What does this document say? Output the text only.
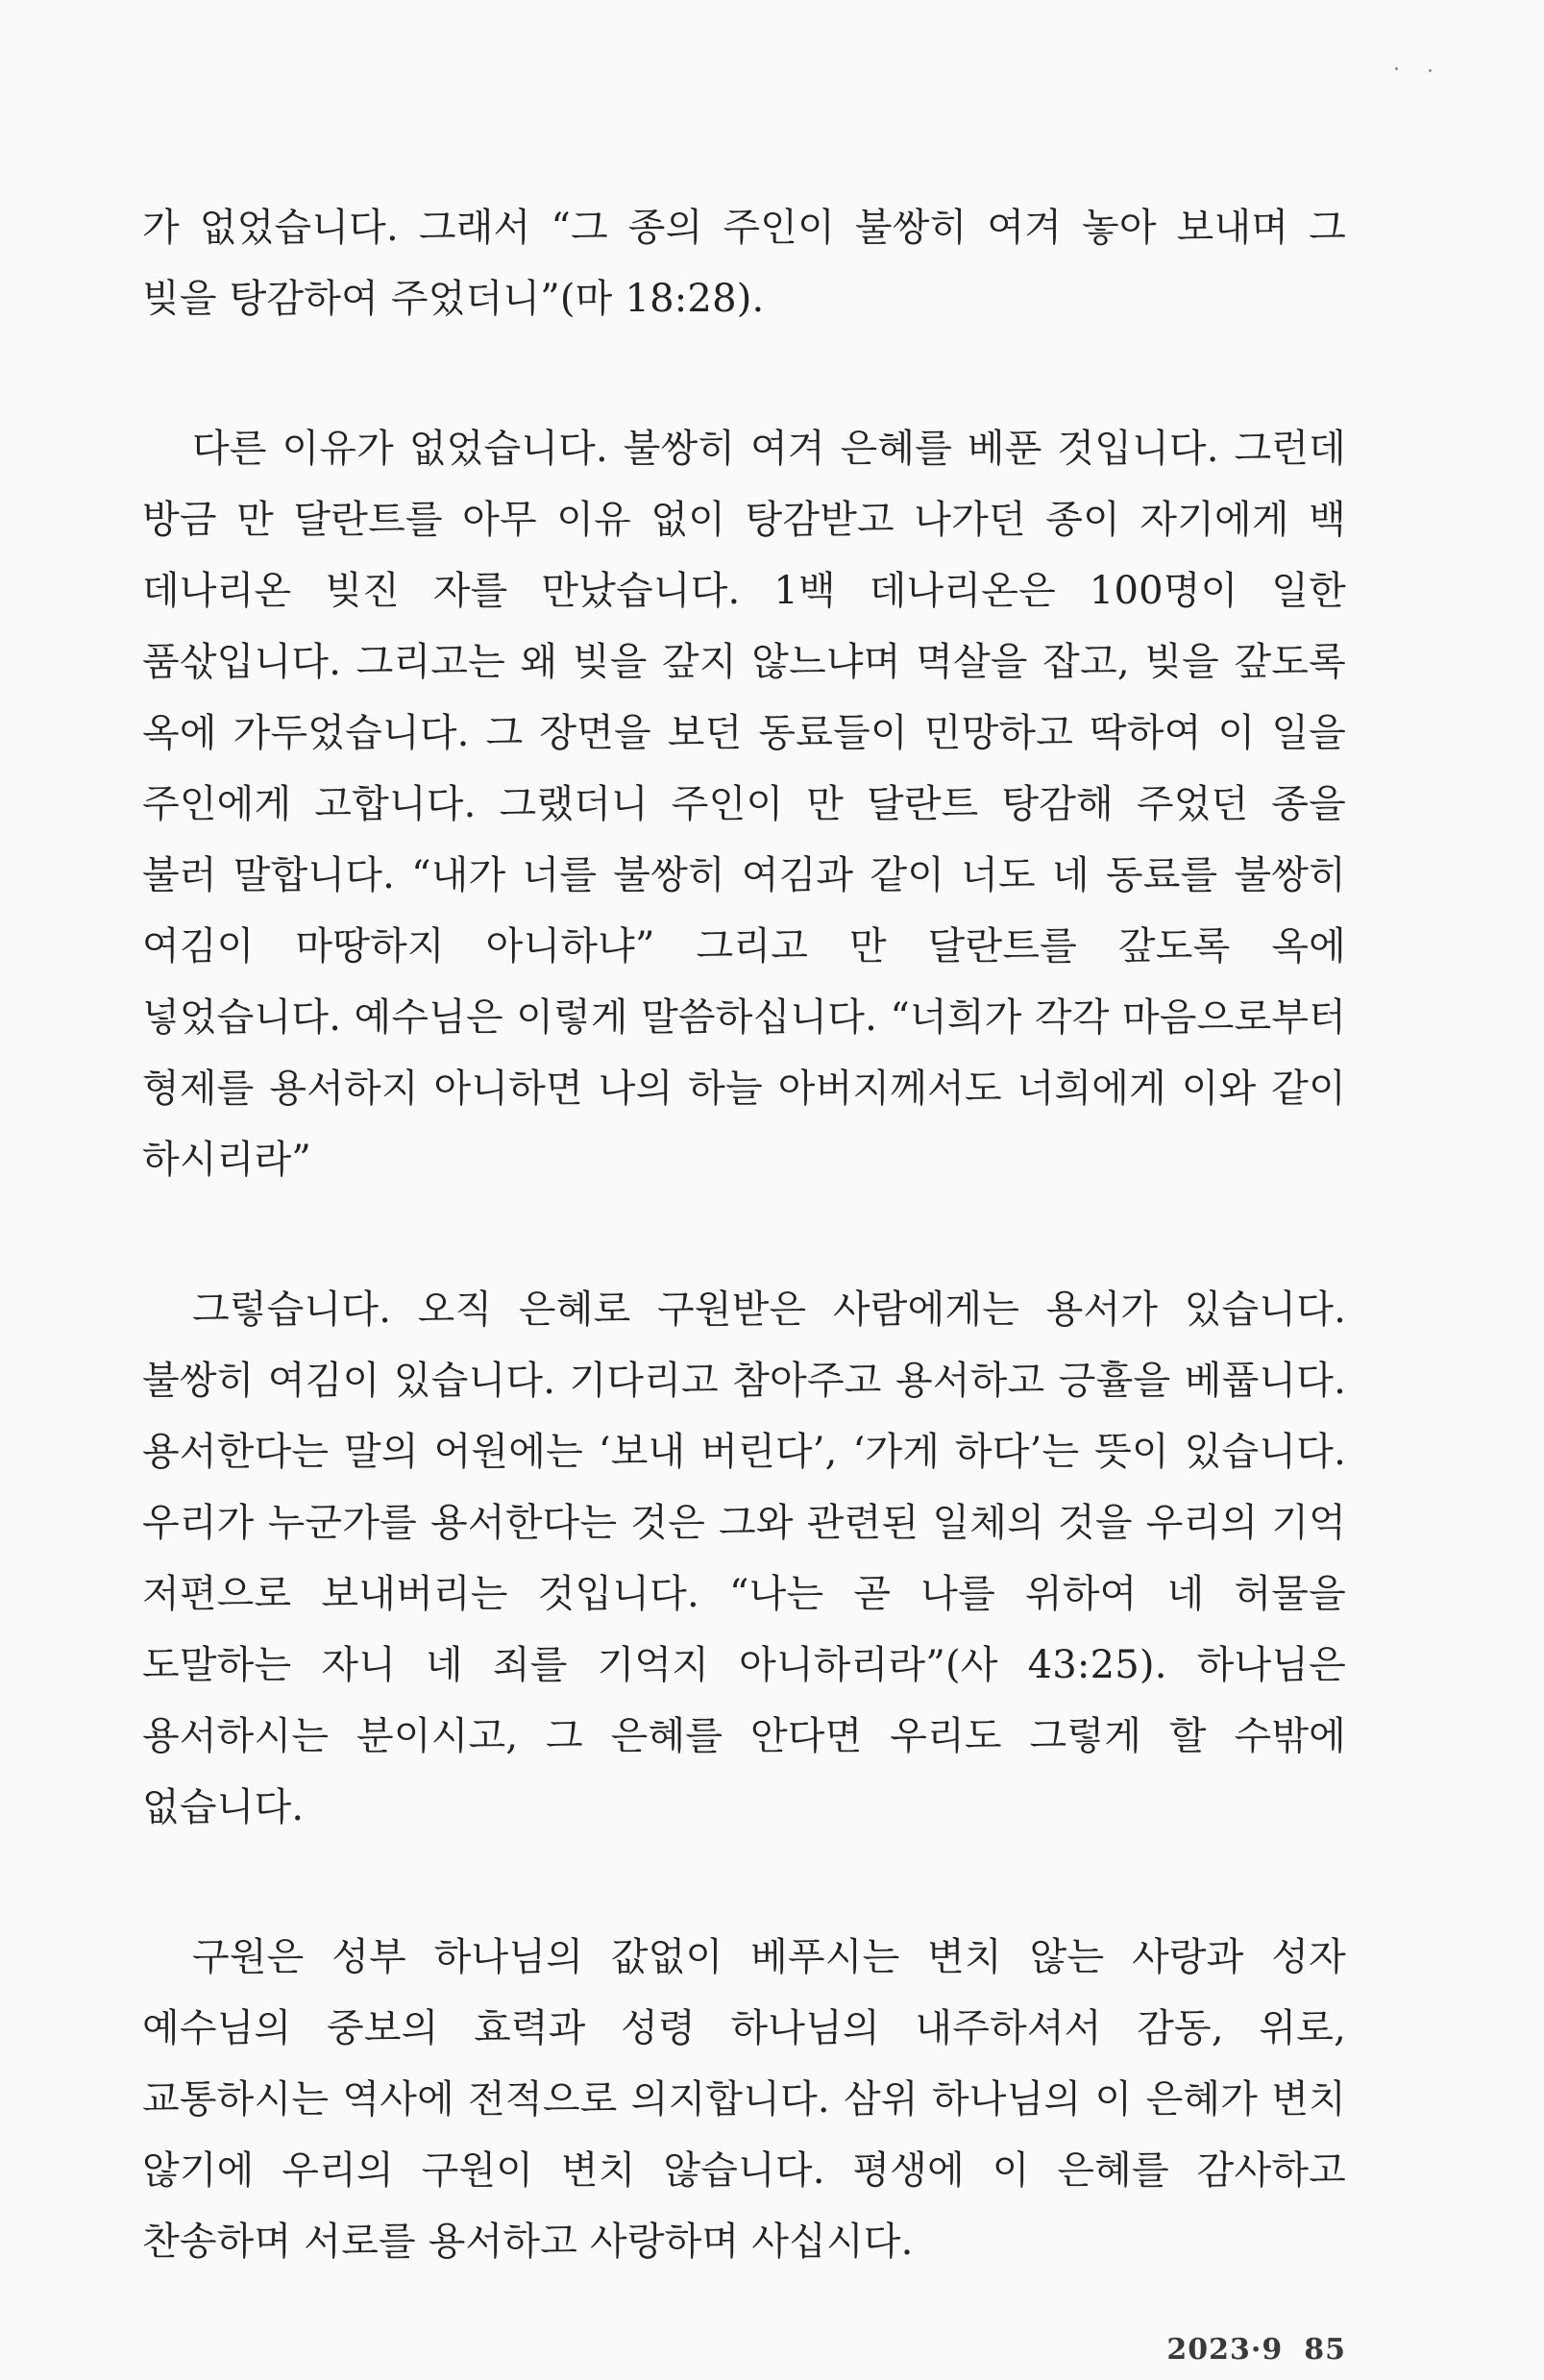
가 없었습니다. 그래서 “그 종의 주인이 불쌍히 여겨 놓아 보내며 그 빚을 탕감하여 주었더니”(마 18:28).

다른 이유가 없었습니다. 불쌍히 여겨 은혜를 베푼 것입니다. 그런데 방금 만 달란트를 아무 이유 없이 탕감받고 나가던 종이 자기에게 백 데나리온 빚진 자를 만났습니다. 1백 데나리온은 100명이 일한 품삯입니다. 그리고는 왜 빚을 갚지 않느냐며 멱살을 잡고, 빚을 갚도록 옥에 가두었습니다. 그 장면을 보던 동료들이 민망하고 딱하여 이 일을 주인에게 고합니다. 그랬더니 주인이 만 달란트 탕감해 주었던 종을 불러 말합니다. “내가 너를 불쌍히 여김과 같이 너도 네 동료를 불쌍히 여김이 마땅하지 아니하냐” 그리고 만 달란트를 갚도록 옥에 넣었습니다. 예수님은 이렇게 말씀하십니다. “너희가 각각 마음으로부터 형제를 용서하지 아니하면 나의 하늘 아버지께서도 너희에게 이와 같이 하시리라”

그렇습니다. 오직 은혜로 구원받은 사람에게는 용서가 있습니다. 불쌍히 여김이 있습니다. 기다리고 참아주고 용서하고 긍휼을 베풉니다. 용서한다는 말의 어원에는 ‘보내 버린다’, ‘가게 하다’는 뜻이 있습니다. 우리가 누군가를 용서한다는 것은 그와 관련된 일체의 것을 우리의 기억 저편으로 보내버리는 것입니다. “나는 곧 나를 위하여 네 허물을 도말하는 자니 네 죄를 기억지 아니하리라”(사 43:25). 하나님은 용서하시는 분이시고, 그 은혜를 안다면 우리도 그렇게 할 수밖에 없습니다.

구원은 성부 하나님의 값없이 베푸시는 변치 않는 사랑과 성자 예수님의 중보의 효력과 성령 하나님의 내주하셔서 감동, 위로, 교통하시는 역사에 전적으로 의지합니다. 삼위 하나님의 이 은혜가 변치 않기에 우리의 구원이 변치 않습니다. 평생에 이 은혜를 감사하고 찬송하며 서로를 용서하고 사랑하며 사십시다.

2023·9 85
